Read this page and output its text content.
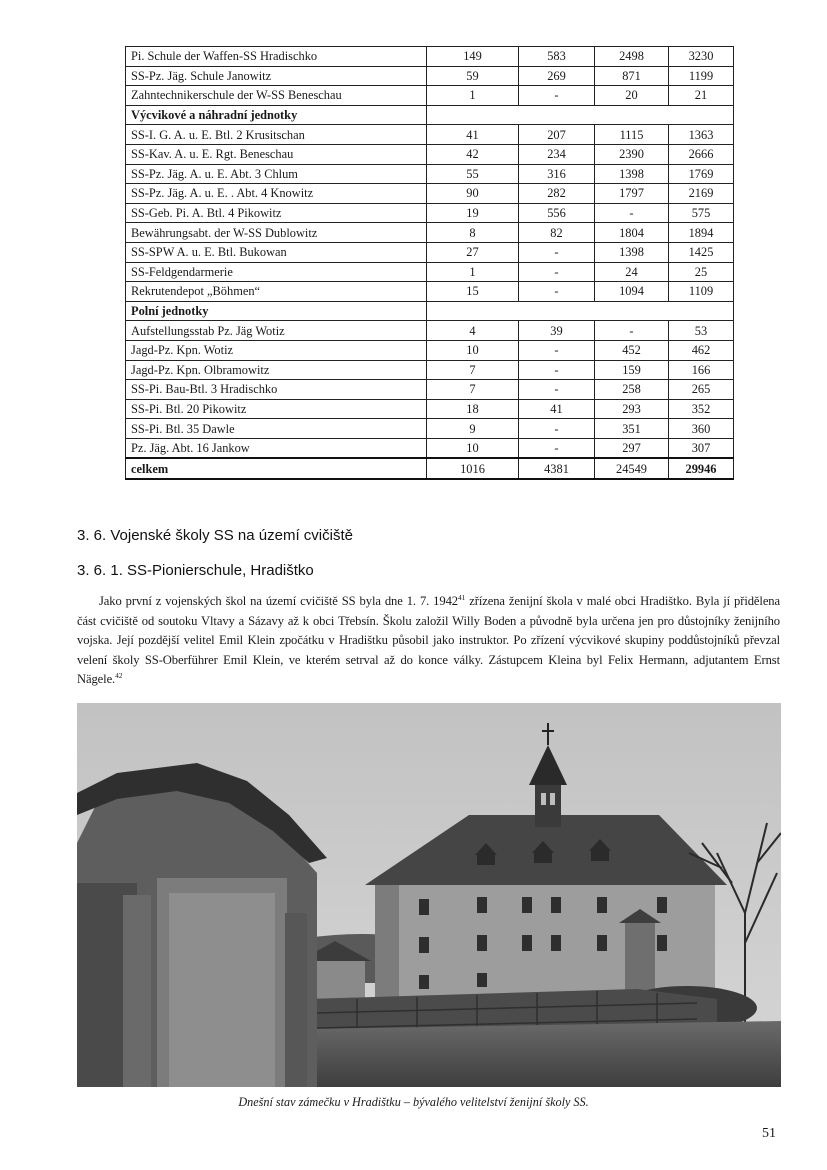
Pi. Schule der Waffen-SS Hradischko	149	583	2498	3230
SS-Pz. Jäg. Schule Janowitz	59	269	871	1199
Zahntechnikerschule der W-SS Beneschau	1	-	20	21
Výcvikové a náhradní jednotky				
SS-I. G. A. u. E. Btl. 2 Krusitschan	41	207	1115	1363
SS-Kav. A. u. E. Rgt. Beneschau	42	234	2390	2666
SS-Pz. Jäg. A. u. E. Abt. 3 Chlum	55	316	1398	1769
SS-Pz. Jäg. A. u. E. . Abt. 4 Knowitz	90	282	1797	2169
SS-Geb. Pi. A. Btl. 4 Pikowitz	19	556	-	575
Bewährungsabt. der W-SS Dublowitz	8	82	1804	1894
SS-SPW A. u. E. Btl. Bukowan	27	-	1398	1425
SS-Feldgendarmerie	1	-	24	25
Rekrutendepot „Böhmen“	15	-	1094	1109
Polní jednotky				
Aufstellungsstab Pz. Jäg Wotiz	4	39	-	53
Jagd-Pz. Kpn. Wotiz	10	-	452	462
Jagd-Pz. Kpn. Olbramowitz	7	-	159	166
SS-Pi. Bau-Btl. 3 Hradischko	7	-	258	265
SS-Pi. Btl. 20 Pikowitz	18	41	293	352
SS-Pi. Btl. 35 Dawle	9	-	351	360
Pz. Jäg. Abt. 16 Jankow	10	-	297	307
celkem	1016	4381	24549	29946
3. 6. Vojenské školy SS na území cvičiště
3. 6. 1. SS-Pionierschule, Hradištko

Jako první z vojenských škol na území cvičiště SS byla dne 1. 7. 1942$^{41}$ zřízena ženijní škola v malé obci Hradištko. Byla jí přidělena část cvičiště od soutoku Vltavy a Sázavy až k obci Třebsín. Školu založil Willy Boden a původně byla určena jen pro důstojníky ženijního vojska. Její pozdější velitel Emil Klein zpočátku v Hradištku působil jako instruktor. Po zřízení výcvikové skupiny poddůstojníků převzal velení školy SS-Oberführer Emil Klein, ve kterém setrval až do konce války. Zástupcem Kleina byl Felix Hermann, adjutantem Ernst Nägele.$^{42}$

Dnešní stav zámečku v Hradištku – bývalého velitelství ženijní školy SS.

51
